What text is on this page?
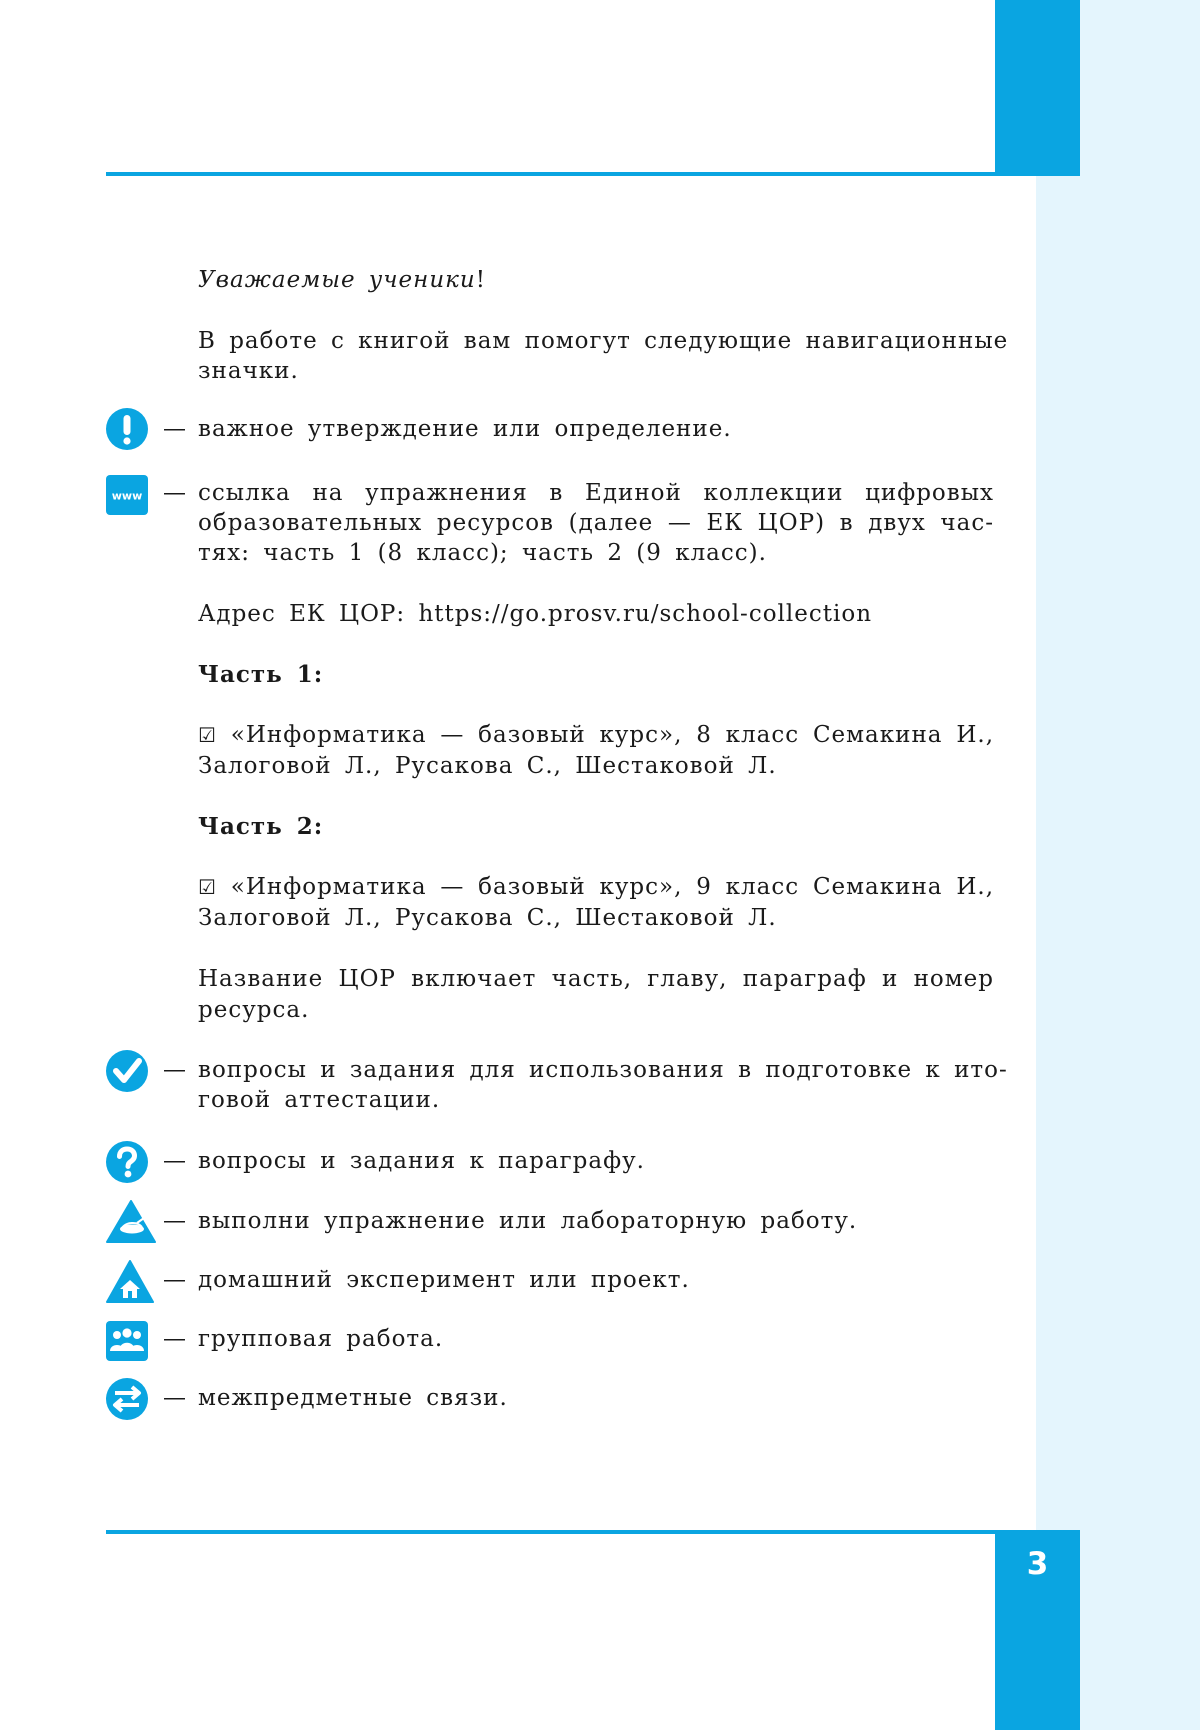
3

Уважаемые ученики!

В работе с книгой вам помогут следующие навигационные

значки.

— важное утверждение или определение.

www — ссылка на упражнения в Единой коллекции цифровых

образовательных ресурсов (далее — ЕК ЦОР) в двух час-

тях: часть 1 (8 класс); часть 2 (9 класс).

Адрес ЕК ЦОР: https://go.prosv.ru/school-collection

Часть 1:

☑ «Информатика — базовый курс», 8 класс Семакина И.,

Залоговой Л., Русакова С., Шестаковой Л.

Часть 2:

☑ «Информатика — базовый курс», 9 класс Семакина И.,

Залоговой Л., Русакова С., Шестаковой Л.

Название ЦОР включает часть, главу, параграф и номер

ресурса.

— вопросы и задания для использования в подготовке к ито-

говой аттестации.

— вопросы и задания к параграфу.

— выполни упражнение или лабораторную работу.

— домашний эксперимент или проект.

— групповая работа.

— межпредметные связи.
